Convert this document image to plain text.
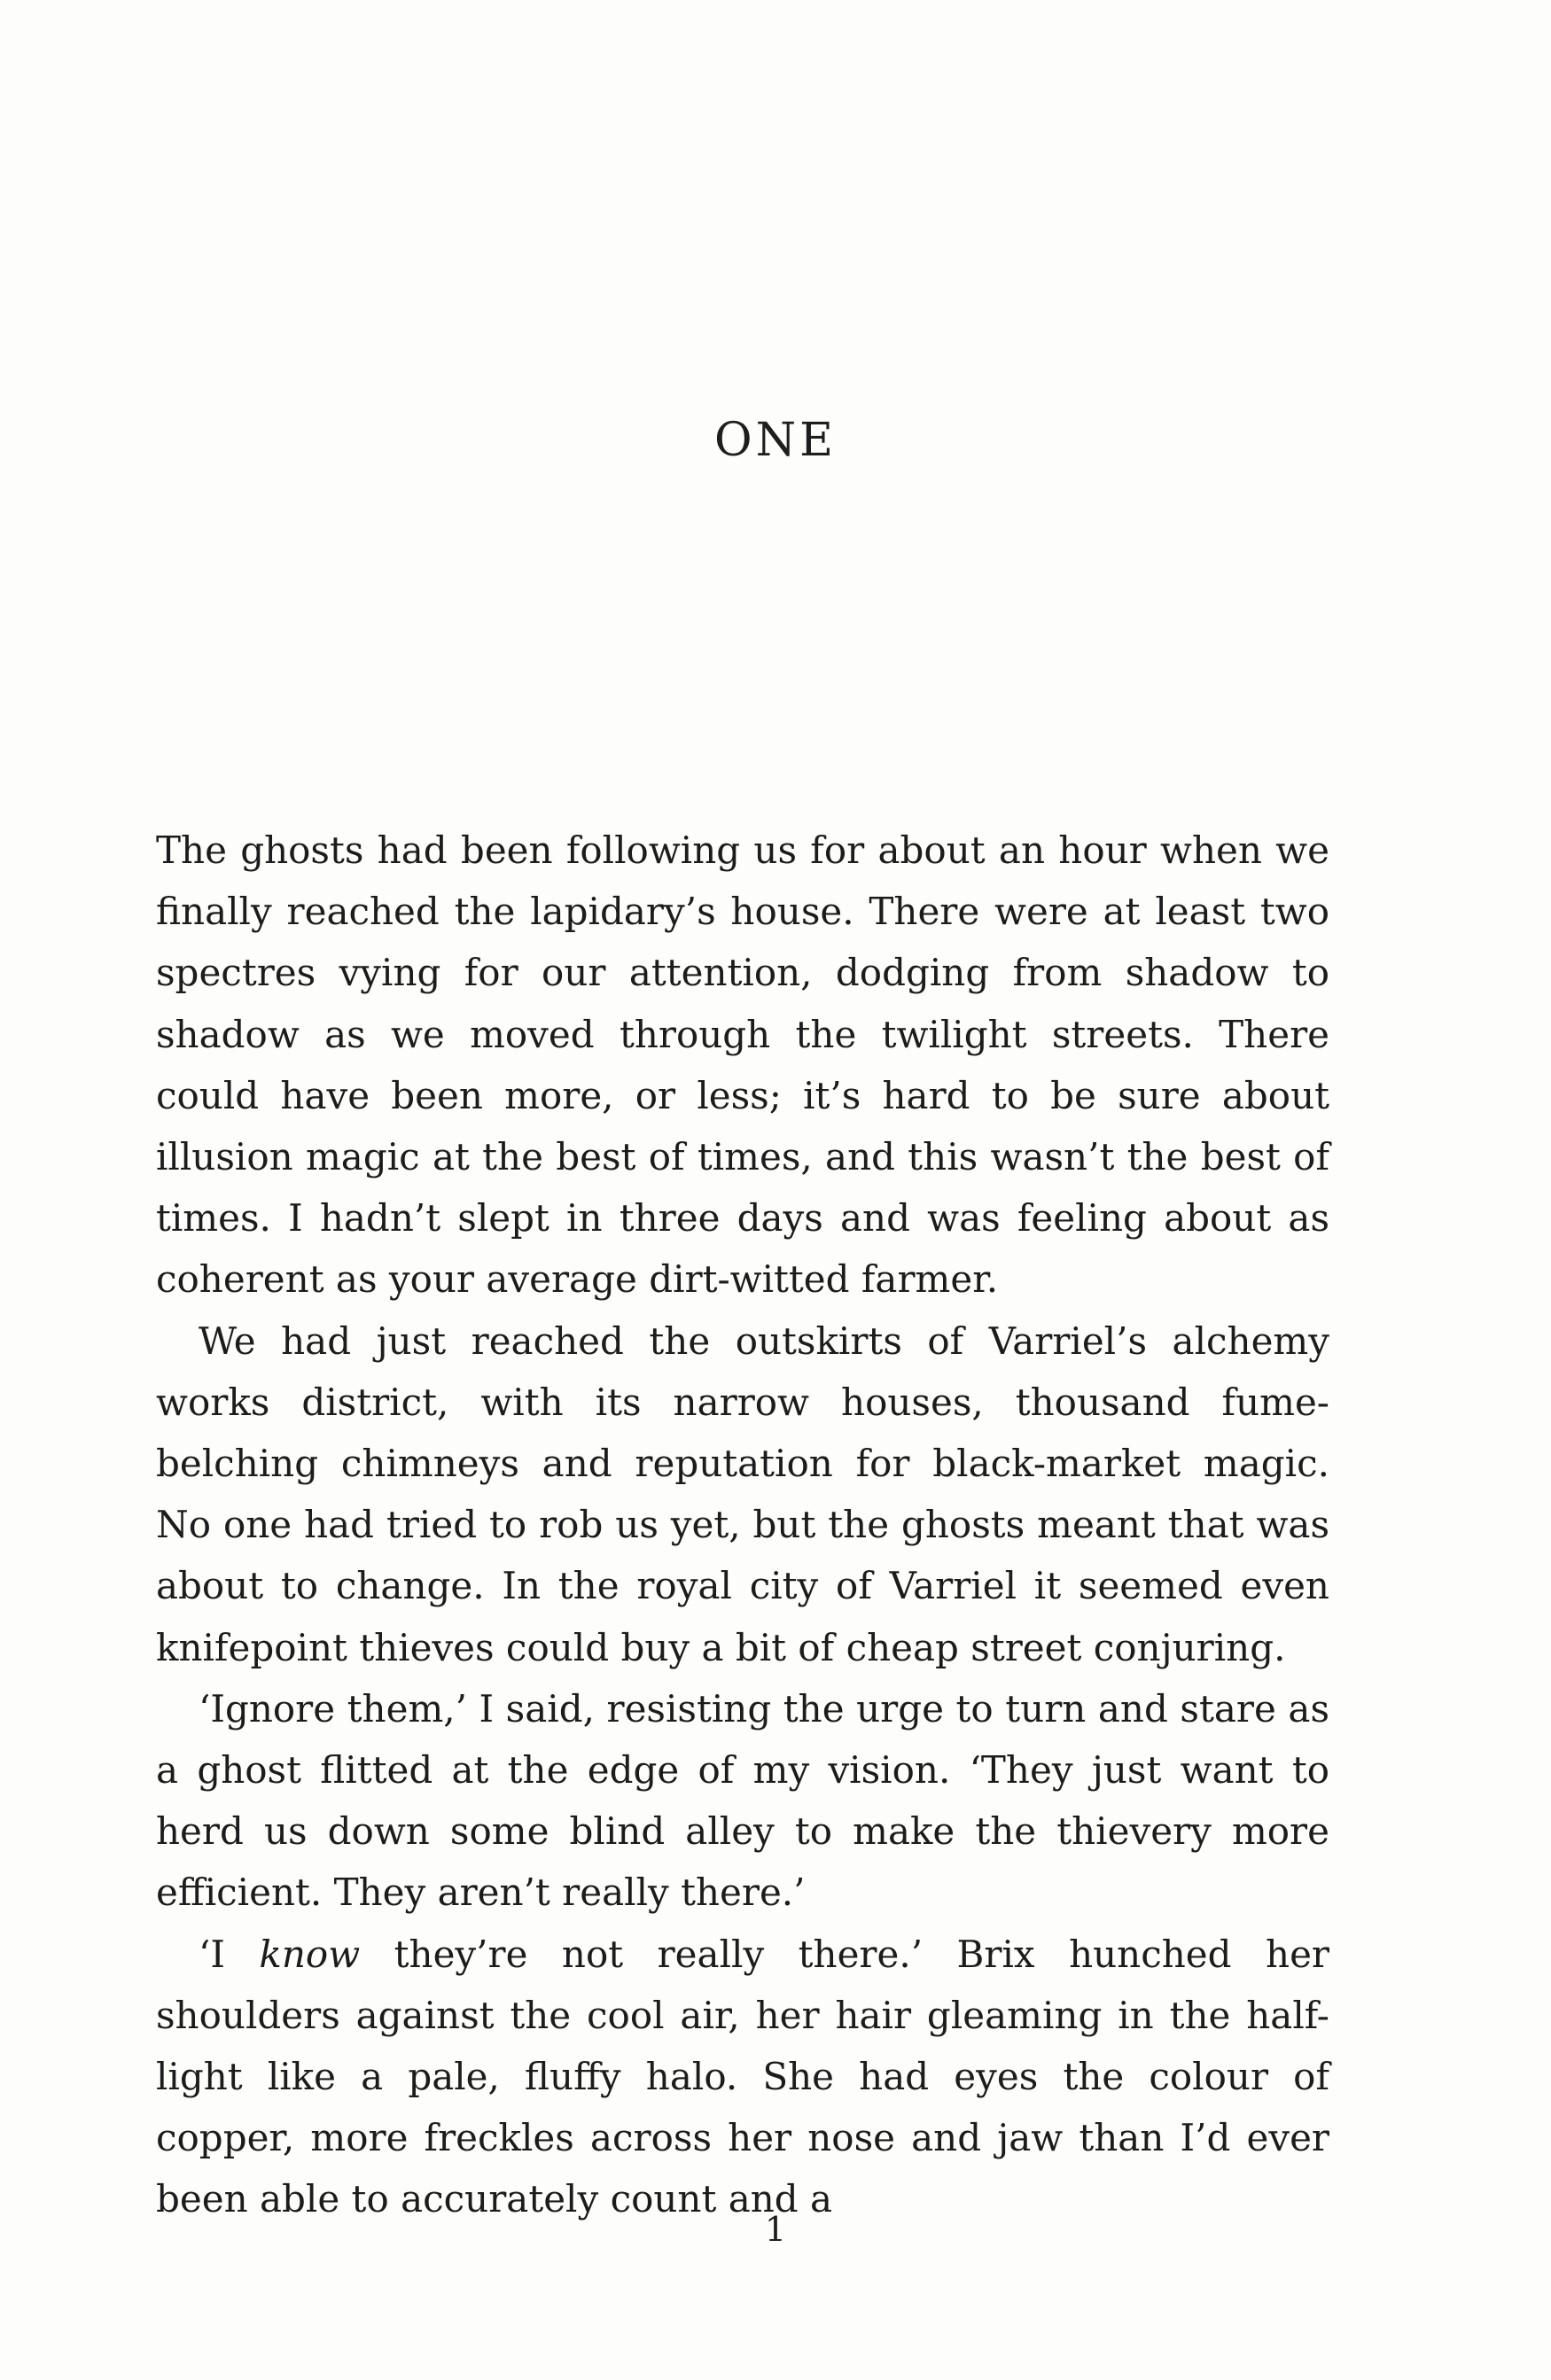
ONE

The ghosts had been following us for about an hour when we finally reached the lapidary’s house. There were at least two spectres vying for our attention, dodging from shadow to shadow as we moved through the twilight streets. There could have been more, or less; it’s hard to be sure about illusion magic at the best of times, and this wasn’t the best of times. I hadn’t slept in three days and was feeling about as coherent as your average dirt-witted farmer.

We had just reached the outskirts of Varriel’s alchemy works district, with its narrow houses, thousand fume-belching chimneys and reputation for black-market magic. No one had tried to rob us yet, but the ghosts meant that was about to change. In the royal city of Varriel it seemed even knifepoint thieves could buy a bit of cheap street conjuring.

‘Ignore them,’ I said, resisting the urge to turn and stare as a ghost flitted at the edge of my vision. ‘They just want to herd us down some blind alley to make the thievery more efficient. They aren’t really there.’

‘I know they’re not really there.’ Brix hunched her shoulders against the cool air, her hair gleaming in the half-light like a pale, fluffy halo. She had eyes the colour of copper, more freckles across her nose and jaw than I’d ever been able to accurately count and a

1
